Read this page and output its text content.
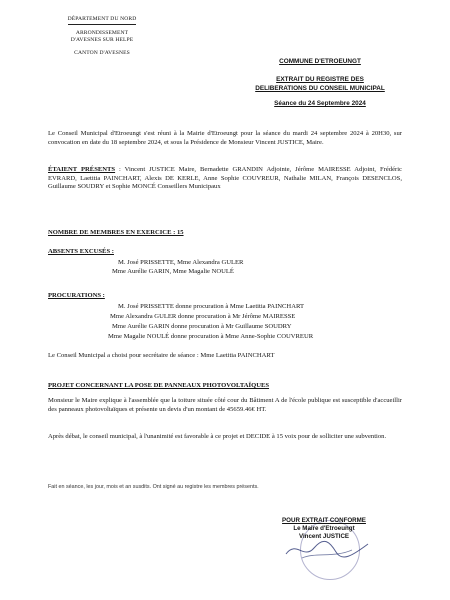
DÉPARTEMENT DU NORD
ARRONDISSEMENT
D'AVESNES SUR HELPE
CANTON D'AVESNES
COMMUNE D'ETROEUNGT
EXTRAIT DU REGISTRE DES
DELIBERATIONS DU CONSEIL MUNICIPAL
Séance du 24 Septembre 2024
Le Conseil Municipal d'Etroeungt s'est réuni à la Mairie d'Etroeungt pour la séance du mardi 24 septembre 2024 à 20H30, sur convocation en date du 18 septembre 2024, et sous la Présidence de Monsieur Vincent JUSTICE, Maire.
ÉTAIENT PRÉSENTS : Vincent JUSTICE Maire, Bernadette GRANDIN Adjointe, Jérôme MAIRESSE Adjoint, Frédéric EVRARD, Laetitia PAINCHART, Alexis DE KERLE, Anne Sophie COUVREUR, Nathalie MILAN, François DESENCLOS, Guillaume SOUDRY et Sophie MONCÉ Conseillers Municipaux
NOMBRE DE MEMBRES EN EXERCICE : 15
ABSENTS EXCUSÉS :
M. José PRISSETTE, Mme Alexandra GULER
Mme Aurélie GARIN, Mme Magalie NOULÉ
PROCURATIONS :
M. José PRISSETTE donne procuration à Mme Laetitia PAINCHART
Mme Alexandra GULER donne procuration à Mr Jérôme MAIRESSE
Mme Aurélie GARIN donne procuration à Mr Guillaume SOUDRY
Mme Magalie NOULÉ donne procuration à Mme Anne-Sophie COUVREUR
Le Conseil Municipal a choisi pour secrétaire de séance : Mme Laetitia PAINCHART
PROJET CONCERNANT LA POSE DE PANNEAUX PHOTOVOLTAÏQUES
Monsieur le Maire explique à l'assemblée que la toiture située côté cour du Bâtiment A de l'école publique est susceptible d'accueillir des panneaux photovoltaïques et présente un devis d'un montant de 45659.46€ HT.
Après débat, le conseil municipal, à l'unanimité est favorable à ce projet et DECIDE à 15 voix pour de solliciter une subvention.
Fait en séance, les jour, mois et an susdits. Ont signé au registre les membres présents.
POUR EXTRAIT CONFORME
Le Maire d'Etroeungt
Vincent JUSTICE
